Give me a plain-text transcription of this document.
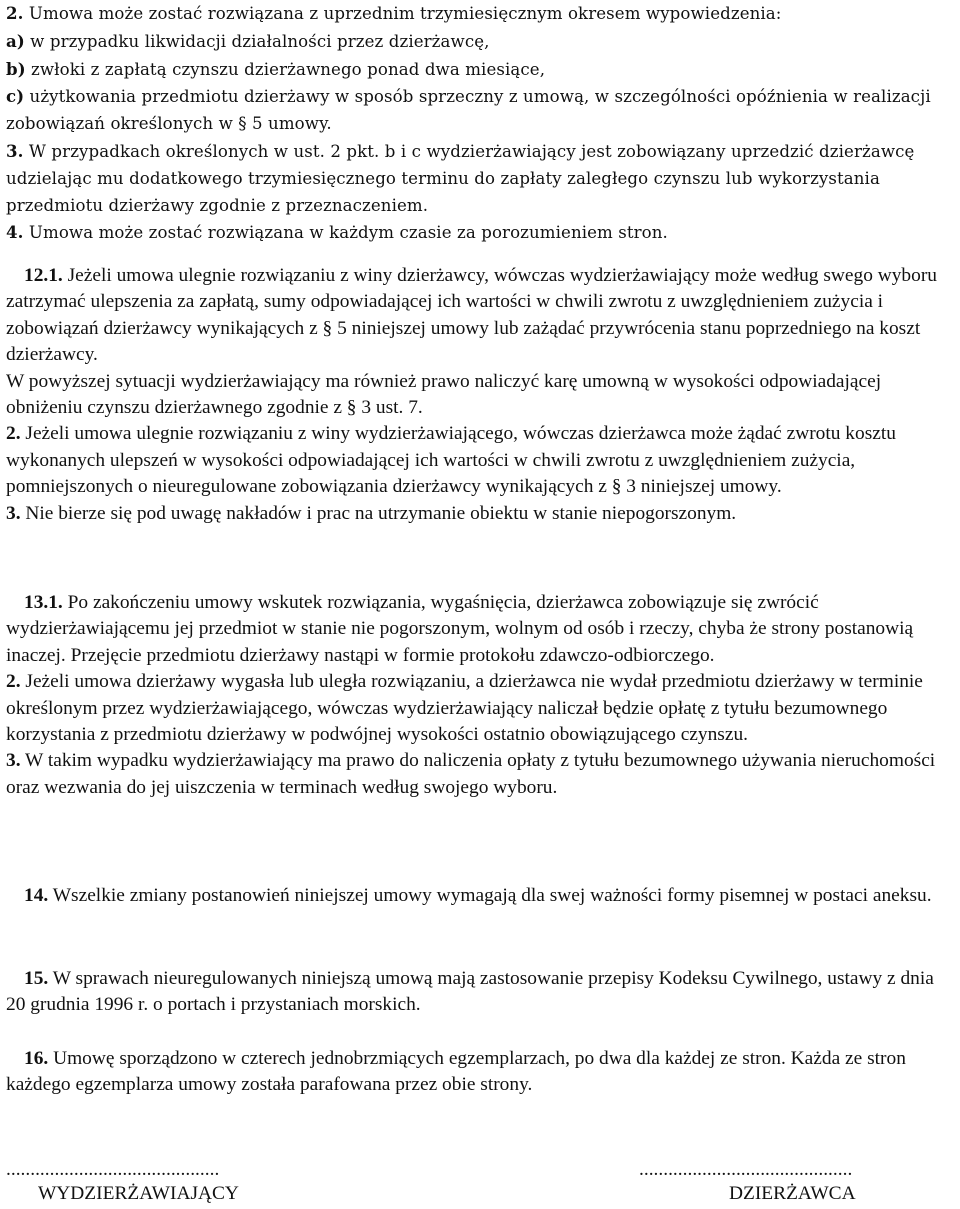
2. Umowa może zostać rozwiązana z uprzednim trzymiesięcznym okresem wypowiedzenia:

a) w przypadku likwidacji działalności przez dzierżawcę,

b) zwłoki z zapłatą czynszu dzierżawnego ponad dwa miesiące,

c) użytkowania przedmiotu dzierżawy w sposób sprzeczny z umową, w szczególności opóźnienia w realizacji zobowiązań określonych w § 5 umowy.

3. W przypadkach określonych w ust. 2 pkt. b i c wydzierżawiający jest zobowiązany uprzedzić dzierżawcę udzielając mu dodatkowego trzymiesięcznego terminu do zapłaty zaległego czynszu lub wykorzystania przedmiotu dzierżawy zgodnie z przeznaczeniem.

4. Umowa może zostać rozwiązana w każdym czasie za porozumieniem stron.

12.1. Jeżeli umowa ulegnie rozwiązaniu z winy dzierżawcy, wówczas wydzierżawiający może według swego wyboru zatrzymać ulepszenia za zapłatą, sumy odpowiadającej ich wartości w chwili zwrotu z uwzględnieniem zużycia i zobowiązań dzierżawcy wynikających z § 5 niniejszej umowy lub zażądać przywrócenia stanu poprzedniego na koszt dzierżawcy.

W powyższej sytuacji wydzierżawiający ma również prawo naliczyć karę umowną w wysokości odpowiadającej obniżeniu czynszu dzierżawnego zgodnie z § 3 ust. 7.

2. Jeżeli umowa ulegnie rozwiązaniu z winy wydzierżawiającego, wówczas dzierżawca może żądać zwrotu kosztu wykonanych ulepszeń w wysokości odpowiadającej ich wartości w chwili zwrotu z uwzględnieniem zużycia, pomniejszonych o nieuregulowane zobowiązania dzierżawcy wynikających z § 3 niniejszej umowy.

3. Nie bierze się pod uwagę nakładów i prac na utrzymanie obiektu w stanie niepogorszonym.

13.1. Po zakończeniu umowy wskutek rozwiązania, wygaśnięcia, dzierżawca zobowiązuje się zwrócić wydzierżawiającemu jej przedmiot w stanie nie pogorszonym, wolnym od osób i rzeczy, chyba że strony postanowią inaczej. Przejęcie przedmiotu dzierżawy nastąpi w formie protokołu zdawczo-odbiorczego.

2. Jeżeli umowa dzierżawy wygasła lub uległa rozwiązaniu, a dzierżawca nie wydał przedmiotu dzierżawy w terminie określonym przez wydzierżawiającego, wówczas wydzierżawiający naliczał będzie opłatę z tytułu bezumownego korzystania z przedmiotu dzierżawy w podwójnej wysokości ostatnio obowiązującego czynszu.

3. W takim wypadku wydzierżawiający ma prawo do naliczenia opłaty z tytułu bezumownego używania nieruchomości oraz wezwania do jej uiszczenia w terminach według swojego wyboru.

14. Wszelkie zmiany postanowień niniejszej umowy wymagają dla swej ważności formy pisemnej w postaci aneksu.

15. W sprawach nieuregulowanych niniejszą umową mają zastosowanie przepisy Kodeksu Cywilnego, ustawy z dnia 20 grudnia 1996 r. o portach i przystaniach morskich.

16. Umowę sporządzono w czterech jednobrzmiących egzemplarzach, po dwa dla każdej ze stron. Każda ze stron każdego egzemplarza umowy została parafowana przez obie strony.

............................................
WYDZIERŻAWIAJĄCY
............................................
DZIERŻAWCA
